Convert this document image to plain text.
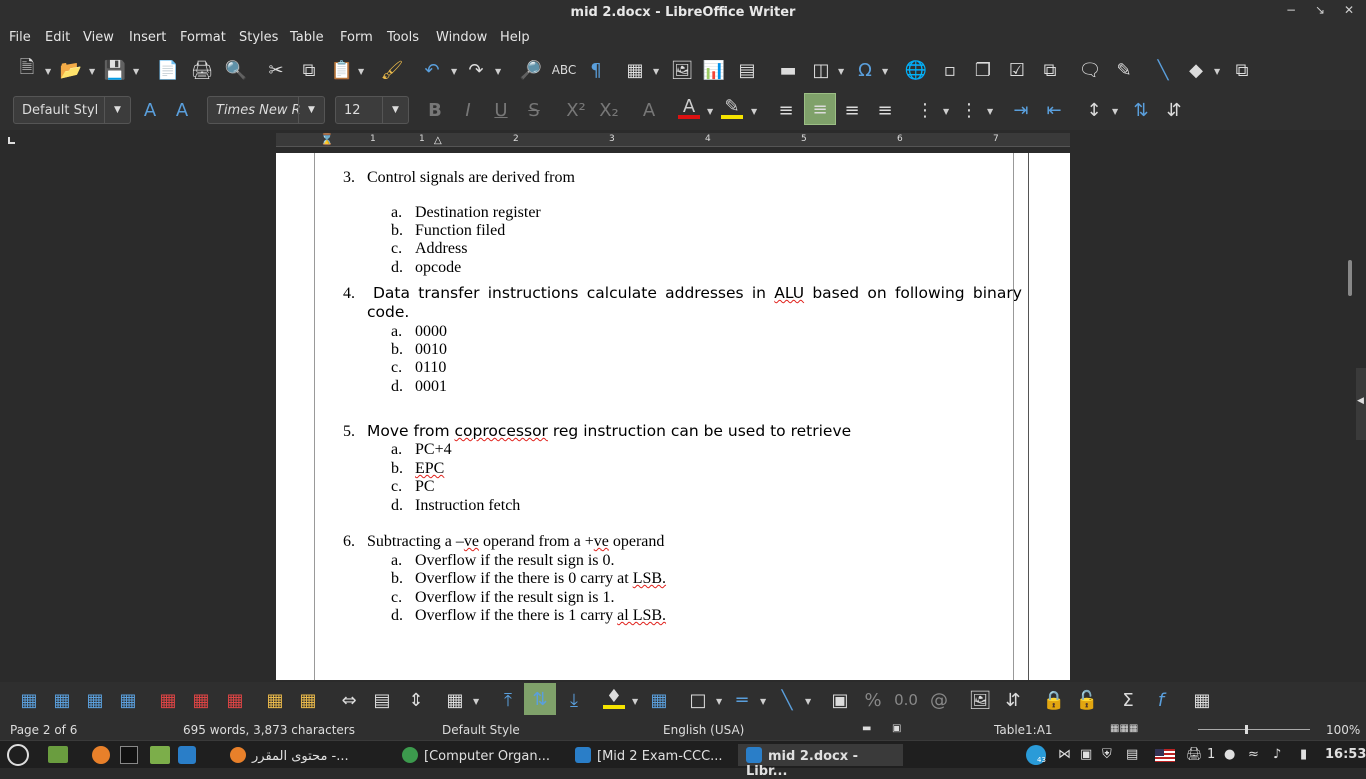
mid 2.docx - LibreOffice Writer	− ↘ ✕
File Edit View Insert Format Styles Table Form Tools Window Help
🗎	▼ 📂 ▼ 💾 ▼ 📄 🖨 🔍 ✂ ⧉ 📋 ▼ 🖌 ↶	▼ ↷	▼ 🔎 ABC ¶ ▦	▼ 🖼 📊 ▤ ▬ ◫	▼ Ω	▼ 🌐 ▫ ❐ ☑ ⧉ 🗨 ✎	╲	◆	▼ ⧉
Default Styl	▼	A A	Times New R ▼	12	▼	B	I	U S X² X₂ A A	▼ ✎	▼ ≡	≡ ≡ ≡ ⋮ ▼ ⋮ ▼ ⇥ ⇤ ↕	▼ ⇅ ⇵
1	1	2	3	4	5	6	7
⌛	△
3. Control signals are derived from
a. Destination register
b. Function filed
c. Address
d. opcode
4. Data transfer instructions calculate addresses in ALU based on following binary
code.
a. 0000
b. 0010
c. 0110
d. 0001
5. Move from coprocessor reg instruction can be used to retrieve
a. PC+4
b. EPC
c. PC
d. Instruction fetch
6. Subtracting a –ve operand from a +ve operand
a. Overflow if the result sign is 0.
b. Overflow if the there is 0 carry at LSB.
c. Overflow if the result sign is 1.
d. Overflow if the there is 1 carry al LSB.
◀
▦ ▦ ▦ ▦ ▦ ▦ ▦ ▦ ▦ ⇔ ▤ ⇕ ▦	▼	⤒	⇅	⤓	♦	▼ ▦ □	▼ ═	▼ ╲	▼ ▣ % 0.0 @ 🖼 ⇵ 🔒 🔓 Σ	f	▦
Page 2 of 6	695 words, 3,873 characters	Default Style	English (USA)	▬ ▣	Table1:A1	▦▦▦	100%
محتوى المقرر -...	[Computer Organ...	[Mid 2 Exam-CCC...	mid 2.docx - Libr...
43 ⋈ ▣ ⛨ ▤	🖨 1 ● ≈ ♪ ▮ 16:53
